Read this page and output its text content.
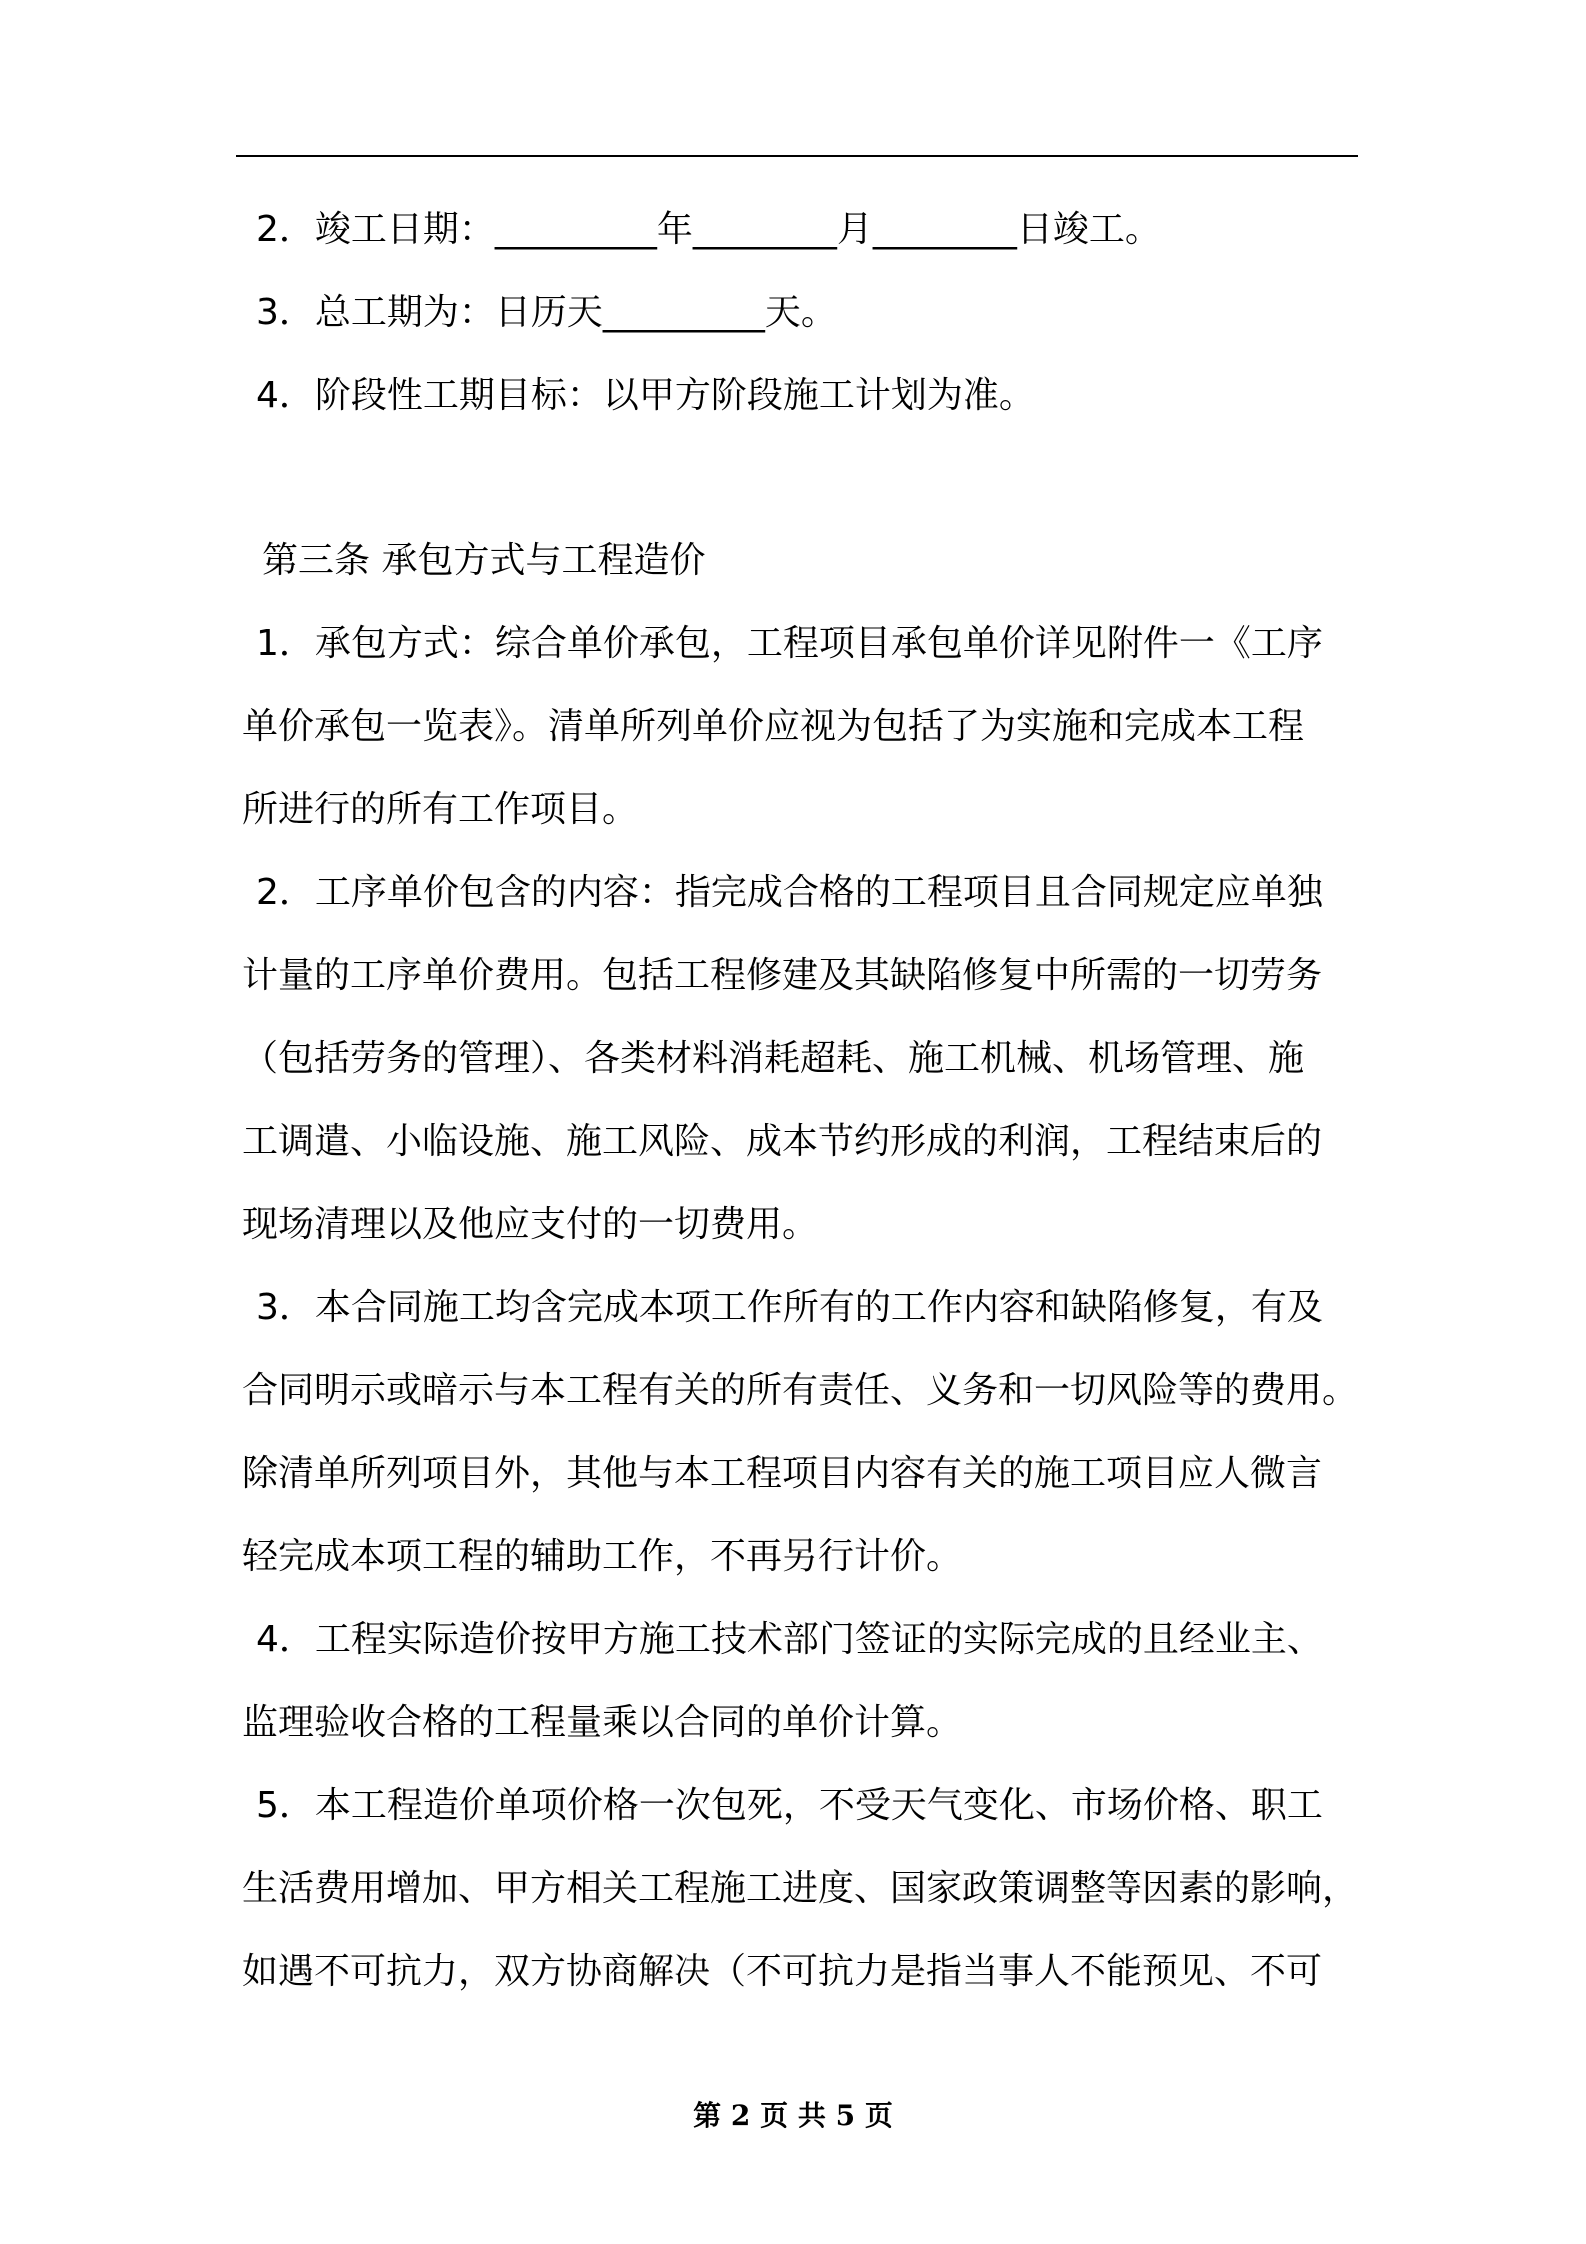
2．竣工日期：_________年________月________日竣工。
3．总工期为：日历天_________天。
4．阶段性工期目标：以甲方阶段施工计划为准。
第三条 承包方式与工程造价
1．承包方式：综合单价承包，工程项目承包单价详见附件一《工序
单价承包一览表》。清单所列单价应视为包括了为实施和完成本工程
所进行的所有工作项目。
2．工序单价包含的内容：指完成合格的工程项目且合同规定应单独
计量的工序单价费用。包括工程修建及其缺陷修复中所需的一切劳务
（包括劳务的管理）、各类材料消耗超耗、施工机械、机场管理、施
工调遣、小临设施、施工风险、成本节约形成的利润，工程结束后的
现场清理以及他应支付的一切费用。
3．本合同施工均含完成本项工作所有的工作内容和缺陷修复，有及
合同明示或暗示与本工程有关的所有责任、义务和一切风险等的费用。
除清单所列项目外，其他与本工程项目内容有关的施工项目应人微言
轻完成本项工程的辅助工作，不再另行计价。
4．工程实际造价按甲方施工技术部门签证的实际完成的且经业主、
监理验收合格的工程量乘以合同的单价计算。
5．本工程造价单项价格一次包死，不受天气变化、市场价格、职工
生活费用增加、甲方相关工程施工进度、国家政策调整等因素的影响，
如遇不可抗力，双方协商解决（不可抗力是指当事人不能预见、不可
第 2 页 共 5 页
